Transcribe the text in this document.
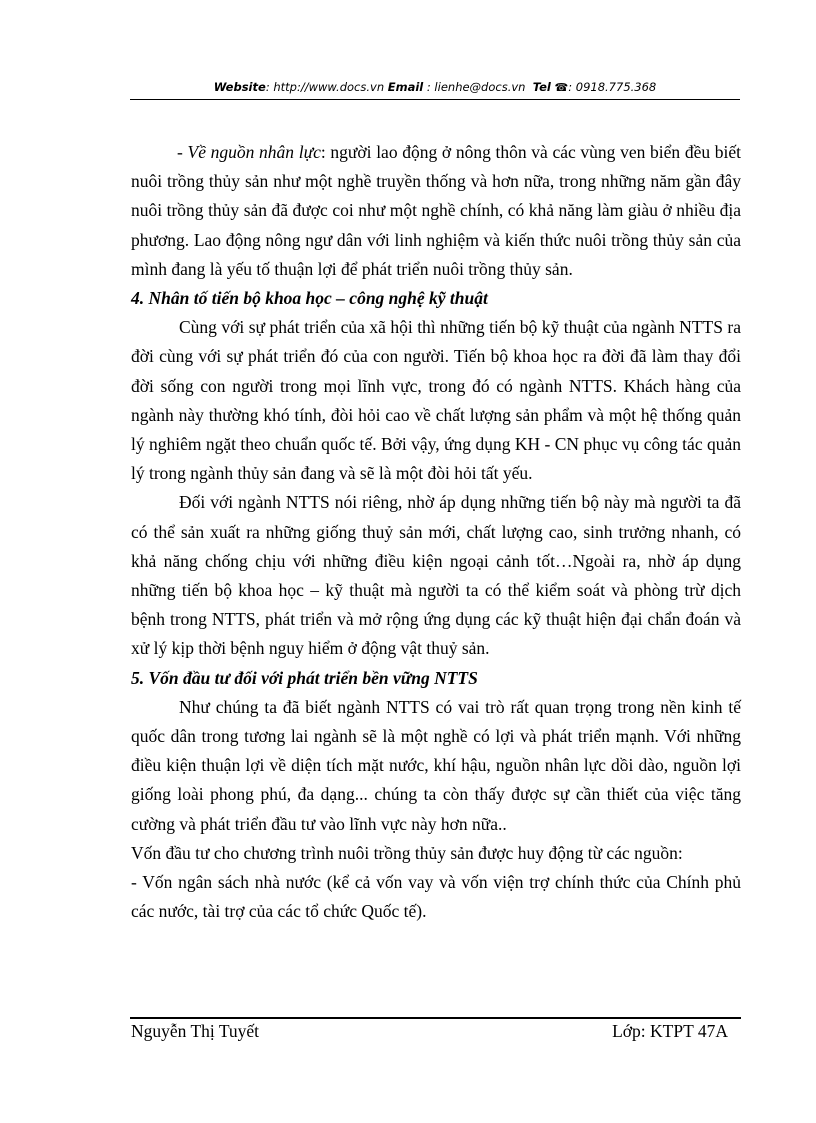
Website: http://www.docs.vn Email : lienhe@docs.vn Tel ☎: 0918.775.368

- Về nguồn nhân lực: người lao động ở nông thôn và các vùng ven biển đều biết nuôi trồng thủy sản như một nghề truyền thống và hơn nữa, trong những năm gần đây nuôi trồng thủy sản đã được coi như một nghề chính, có khả năng làm giàu ở nhiều địa phương. Lao động nông ngư dân với linh nghiệm và kiến thức nuôi trồng thủy sản của mình đang là yếu tố thuận lợi để phát triển nuôi trồng thủy sản.

4. Nhân tố tiến bộ khoa học – công nghệ kỹ thuật

Cùng với sự phát triển của xã hội thì những tiến bộ kỹ thuật của ngành NTTS ra đời cùng với sự phát triển đó của con người. Tiến bộ khoa học ra đời đã làm thay đổi đời sống con người trong mọi lĩnh vực, trong đó có ngành NTTS. Khách hàng của ngành này thường khó tính, đòi hỏi cao về chất lượng sản phẩm và một hệ thống quản lý nghiêm ngặt theo chuẩn quốc tế. Bởi vậy, ứng dụng KH - CN phục vụ công tác quản lý trong ngành thủy sản đang và sẽ là một đòi hỏi tất yếu.

Đối với ngành NTTS nói riêng, nhờ áp dụng những tiến bộ này mà người ta đã có thể sản xuất ra những giống thuỷ sản mới, chất lượng cao, sinh trưởng nhanh, có khả năng chống chịu với những điều kiện ngoại cảnh tốt…Ngoài ra, nhờ áp dụng những tiến bộ khoa học – kỹ thuật mà người ta có thể kiểm soát và phòng trừ dịch bệnh trong NTTS, phát triển và mở rộng ứng dụng các kỹ thuật hiện đại chẩn đoán và xử lý kịp thời bệnh nguy hiểm ở động vật thuỷ sản.

5. Vốn đầu tư đối với phát triển bền vững NTTS

Như chúng ta đã biết ngành NTTS có vai trò rất quan trọng trong nền kinh tế quốc dân trong tương lai ngành sẽ là một nghề có lợi và phát triển mạnh. Với những điều kiện thuận lợi về diện tích mặt nước, khí hậu, nguồn nhân lực dồi dào, nguồn lợi giống loài phong phú, đa dạng... chúng ta còn thấy được sự cần thiết của việc tăng cường và phát triển đầu tư vào lĩnh vực này hơn nữa..

Vốn đầu tư cho chương trình nuôi trồng thủy sản được huy động từ các nguồn:

- Vốn ngân sách nhà nước (kể cả vốn vay và vốn viện trợ chính thức của Chính phủ các nước, tài trợ của các tổ chức Quốc tế).

Nguyễn Thị Tuyết	Lớp: KTPT 47A
